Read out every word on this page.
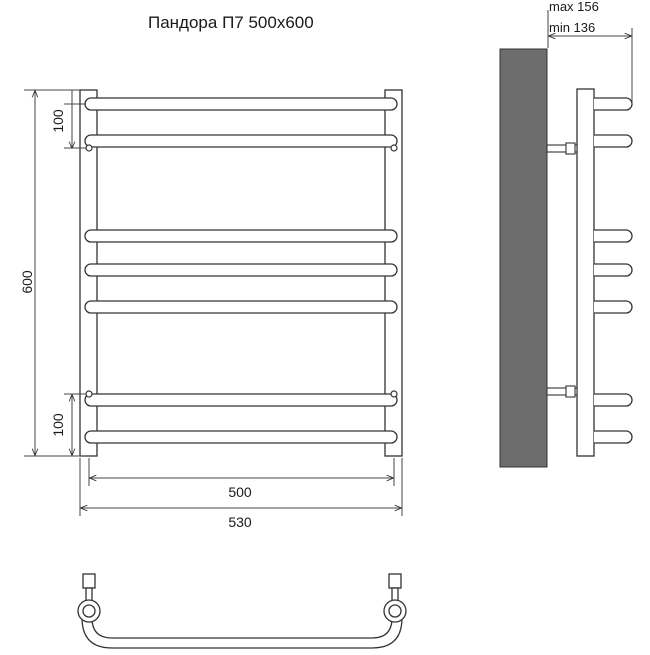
Пандора П7 500x600
600
100
100
500
530
max 156
min 136
